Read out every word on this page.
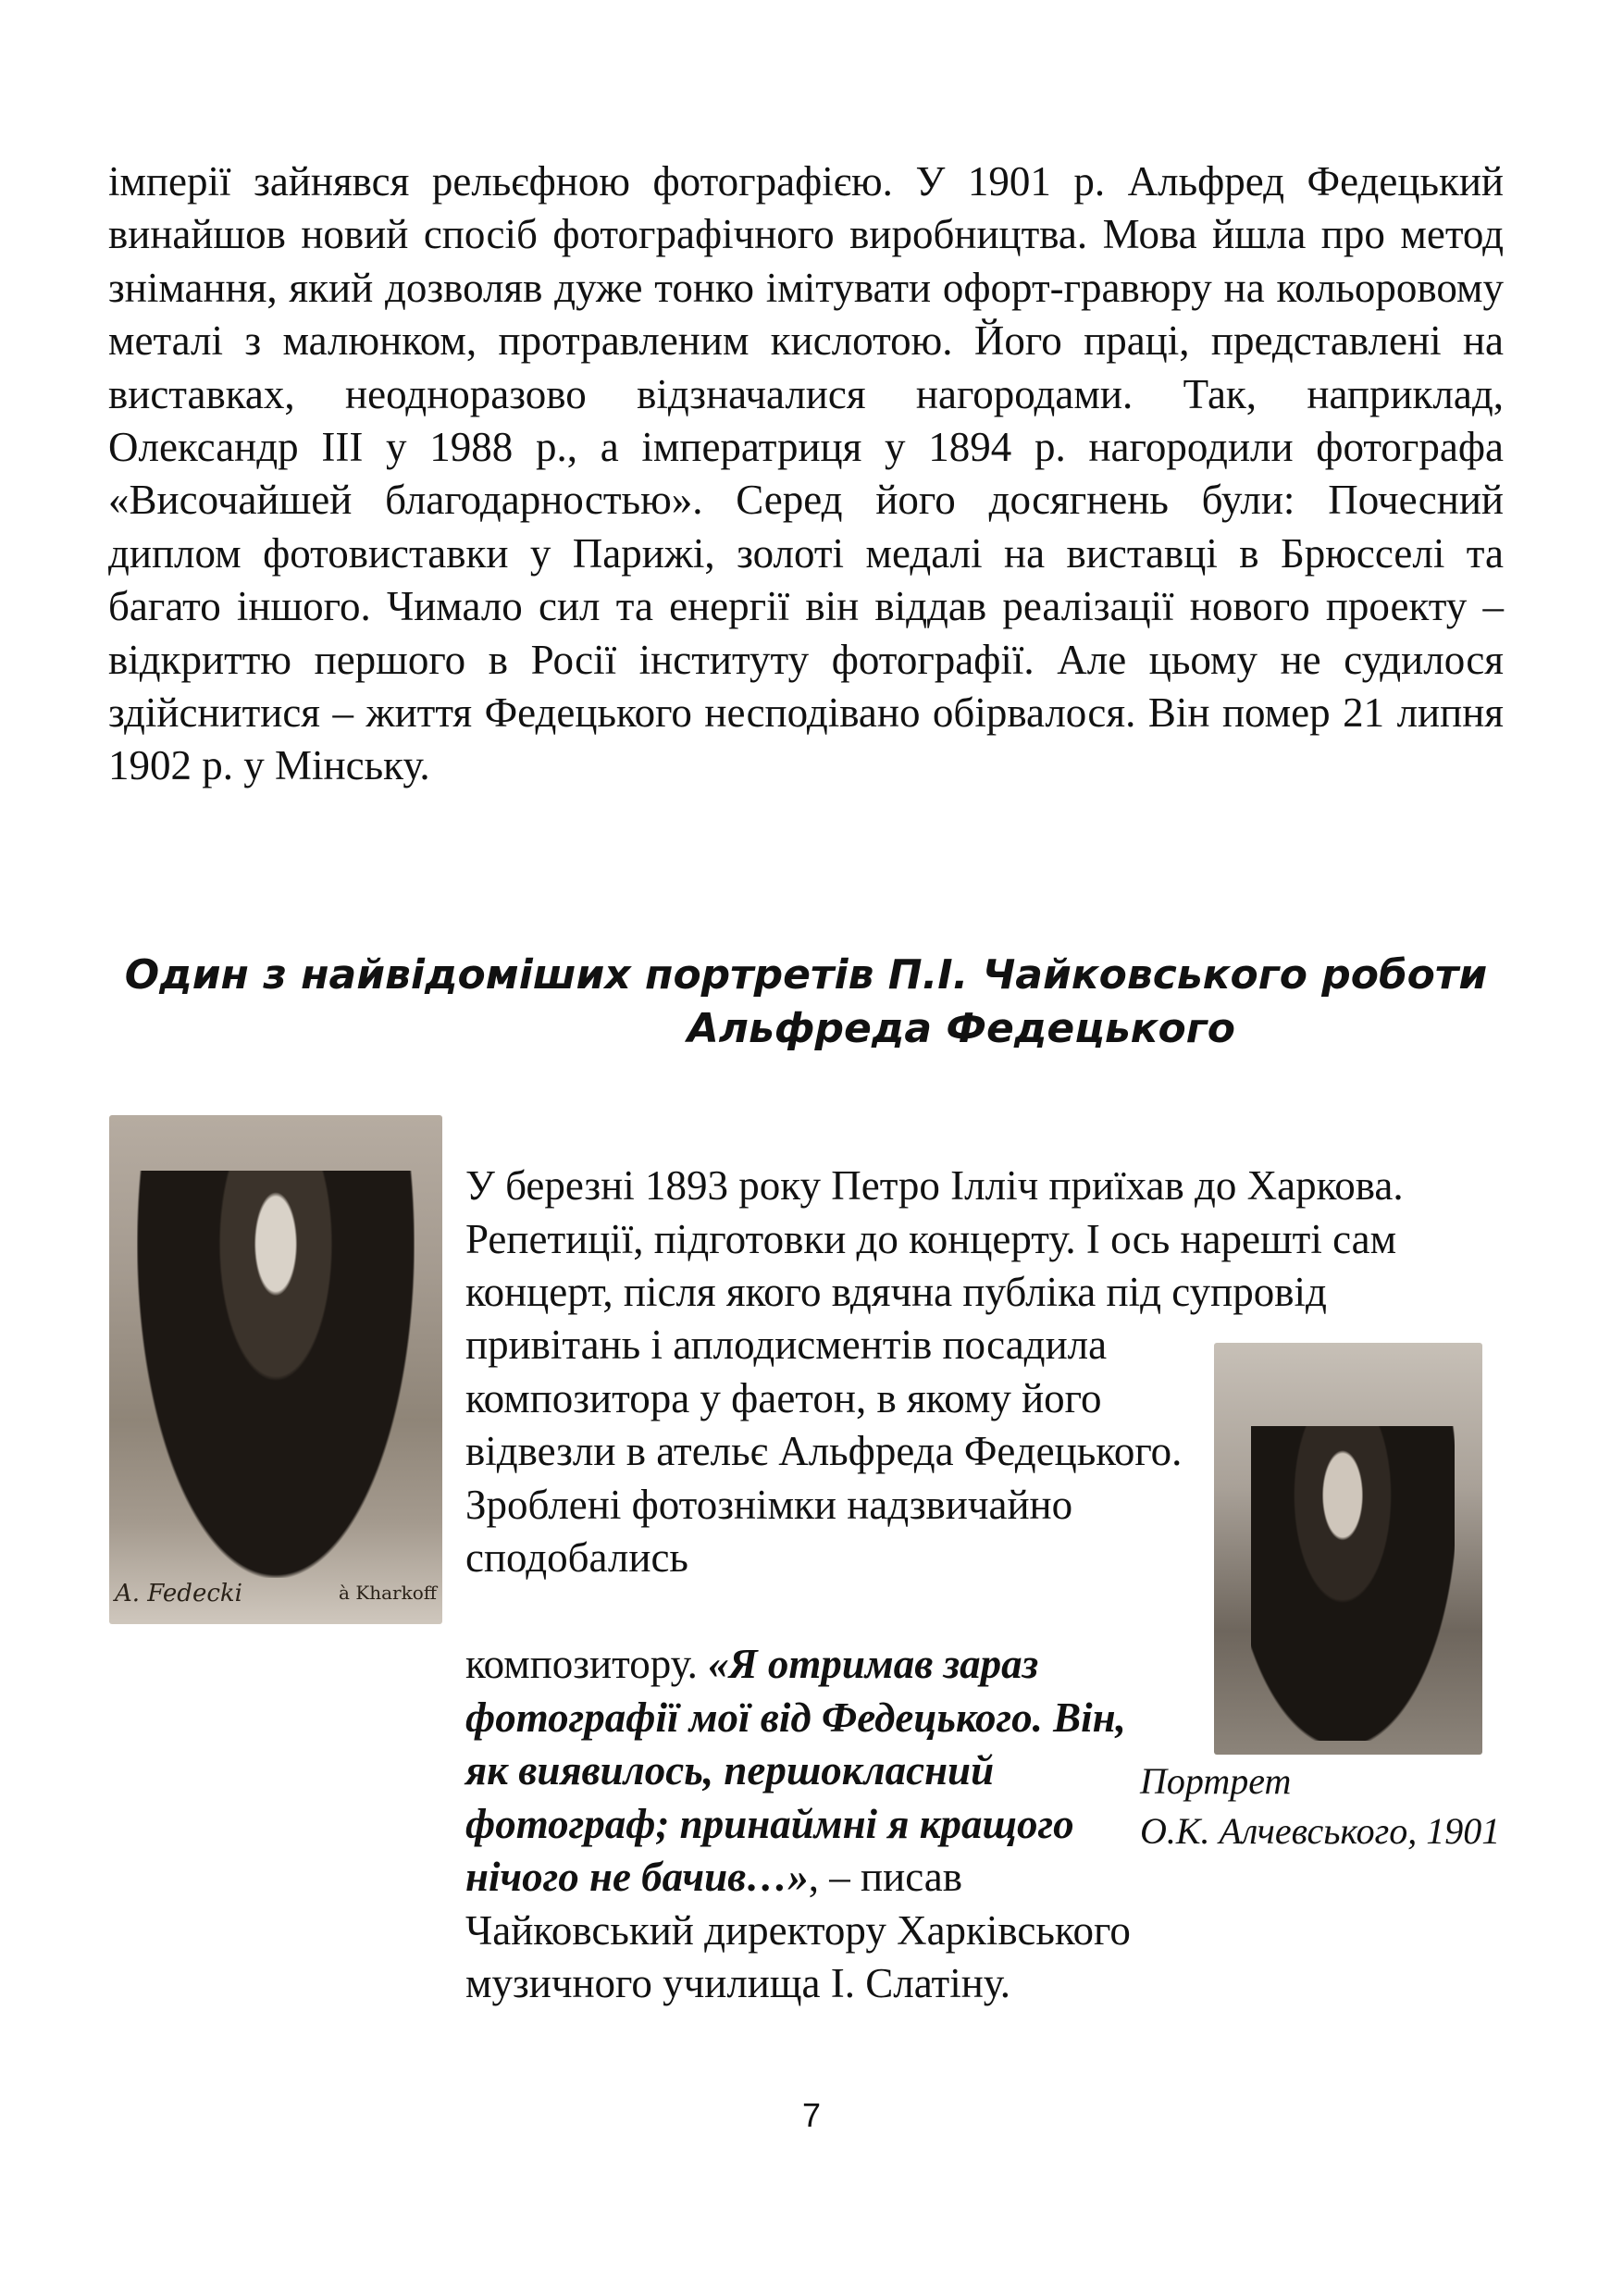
імперії зайнявся рельєфною фотографією. У 1901 р. Альфред Федецький винайшов новий спосіб фотографічного виробництва. Мова йшла про метод знімання, який дозволяв дуже тонко імітувати офорт-гравюру на кольоровому металі з малюнком, протравленим кислотою. Його праці, представлені на виставках, неодноразово відзначалися нагородами. Так, наприклад, Олександр III у 1988 р., а імператриця у 1894 р. нагородили фотографа «Височайшей благодарностью». Серед його досягнень були: Почесний диплом фотовиставки у Парижі, золоті медалі на виставці в Брюсселі та багато іншого. Чимало сил та енергії він віддав реалізації нового проекту – відкриттю першого в Росії інституту фотографії. Але цьому не судилося здійснитися – життя Федецького несподівано обірвалося. Він помер 21 липня 1902 р. у Мінську.

Один з найвідоміших портретів П.І. Чайковського роботи
Альфреда Федецького
A. Fedecki	à Kharkoff

У березні 1893 року Петро Ілліч приїхав до Харкова. Репетиції, підготовки до концерту. І ось нарешті сам концерт, після якого вдячна публіка під супровід

привітань і аплодисментів посадила композитора у фаетон, в якому його відвезли в ательє Альфреда Федецького. Зроблені фотознімки надзвичайно сподобались

композитору. «Я отримав зараз фотографії мої від Федецького. Він, як виявилось, першокласний фотограф; принаймні я кращого нічого не бачив…», – писав Чайковський директору Харківського музичного училища І. Слатіну.

Портрет
О.К. Алчевського, 1901
7
